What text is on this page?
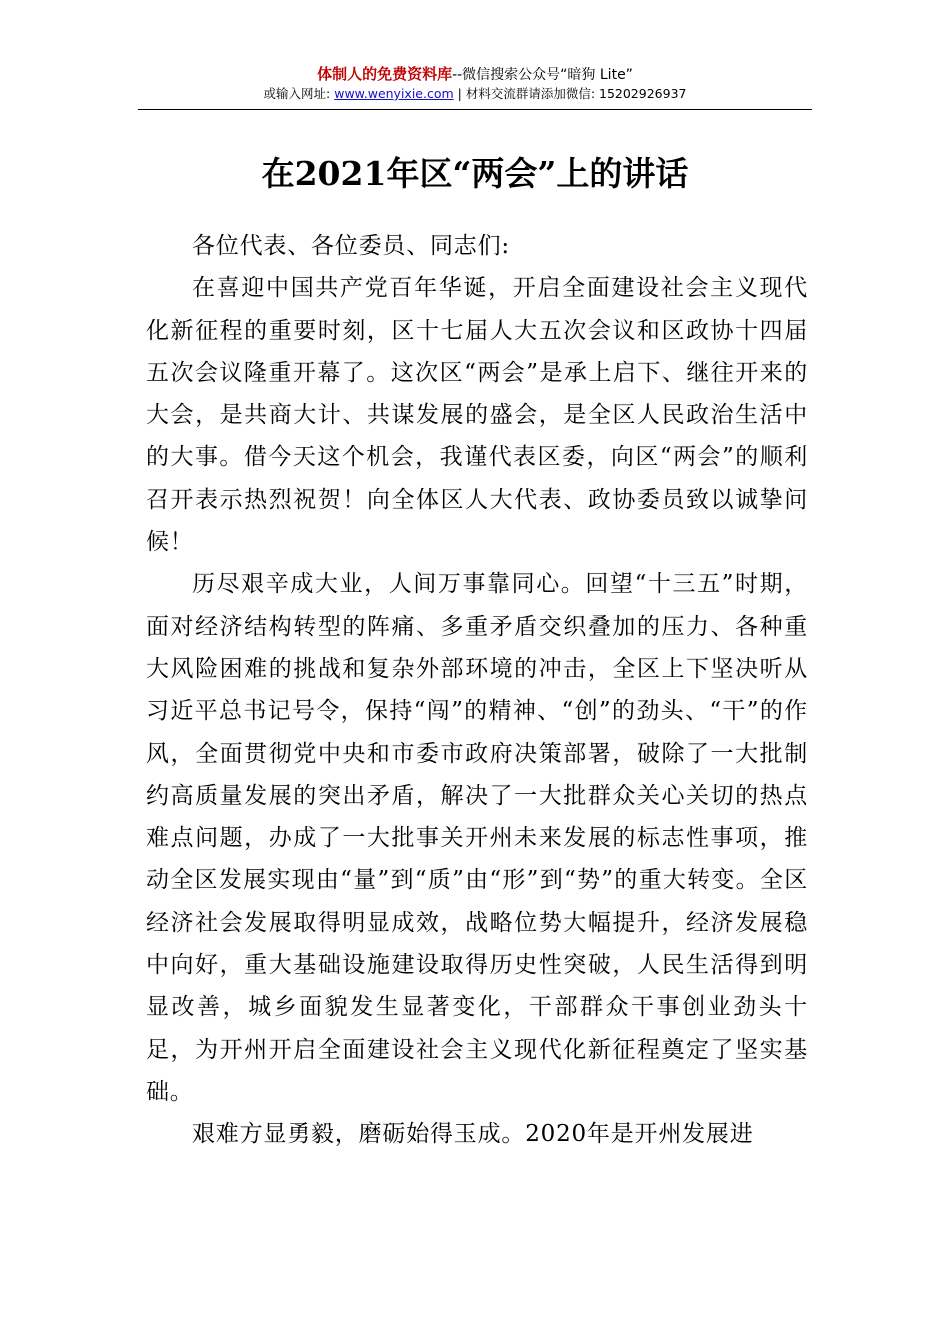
体制人的免费资料库--微信搜索公众号“暗狗 Lite”
或输入网址: www.wenyixie.com | 材料交流群请添加微信: 15202926937
在2021年区“两会”上的讲话

各位代表、各位委员、同志们:

在喜迎中国共产党百年华诞，开启全面建设社会主义现代化新征程的重要时刻，区十七届人大五次会议和区政协十四届五次会议隆重开幕了。这次区“两会”是承上启下、继往开来的大会，是共商大计、共谋发展的盛会，是全区人民政治生活中的大事。借今天这个机会，我谨代表区委，向区“两会”的顺利召开表示热烈祝贺！向全体区人大代表、政协委员致以诚挚问候！

历尽艰辛成大业，人间万事靠同心。回望“十三五”时期，面对经济结构转型的阵痛、多重矛盾交织叠加的压力、各种重大风险困难的挑战和复杂外部环境的冲击，全区上下坚决听从习近平总书记号令，保持“闯”的精神、“创”的劲头、“干”的作风，全面贯彻党中央和市委市政府决策部署，破除了一大批制约高质量发展的突出矛盾，解决了一大批群众关心关切的热点难点问题，办成了一大批事关开州未来发展的标志性事项，推动全区发展实现由“量”到“质”由“形”到“势”的重大转变。全区经济社会发展取得明显成效，战略位势大幅提升，经济发展稳中向好，重大基础设施建设取得历史性突破，人民生活得到明显改善，城乡面貌发生显著变化，干部群众干事创业劲头十足，为开州开启全面建设社会主义现代化新征程奠定了坚实基础。

艰难方显勇毅，磨砺始得玉成。2020年是开州发展进
